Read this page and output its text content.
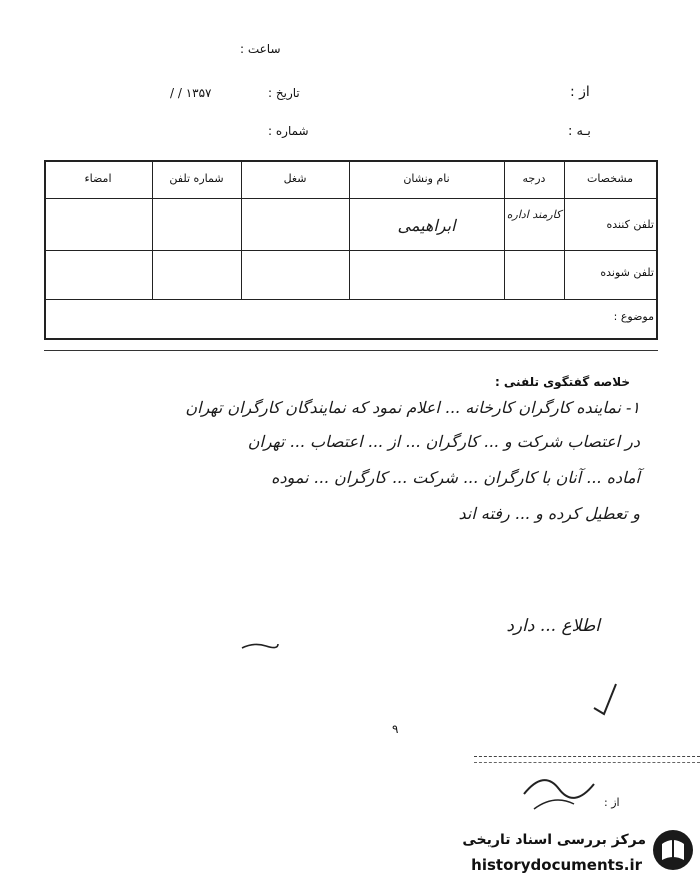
ساعت :
از :
تاریخ :
/ / ۱۳۵۷
بـه :
شماره :
مشخصات
درجه
نام ونشان
شغل
شماره تلفن
امضاء
تلفن کننده
کارمند اداره
ابراهیمی
تلفن شونده
موضوع :
خلاصه گفتگوی تلفنی :
۱- نماینده کارگران کارخانه ... اعلام نمود که نمایندگان کارگران تهران
در اعتصاب شرکت و ... کارگران ... از ... اعتصاب ... تهران
آماده ... آنان با کارگران ... شرکت ... کارگران ... نموده
و تعطیل کرده و ... رفته اند
اطلاع ... دارد
۹
از :
مرکز بررسی اسناد تاریخی
historydocuments.ir
